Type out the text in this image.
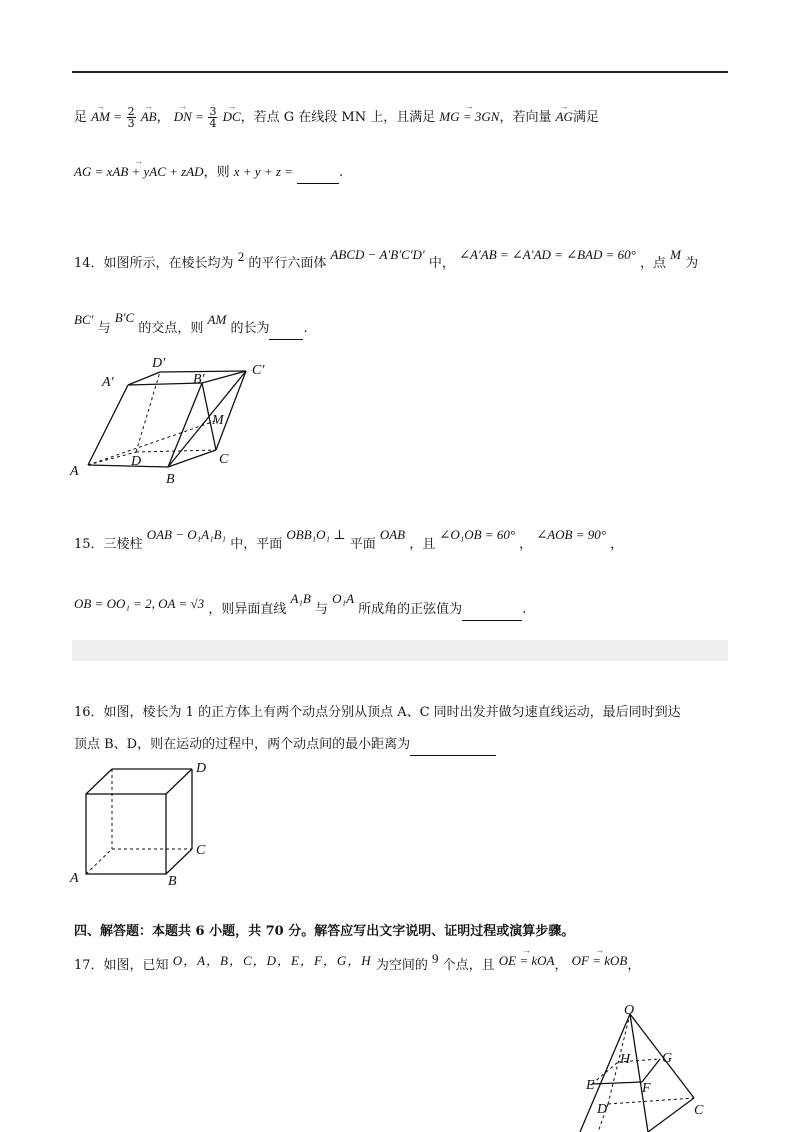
足 → AM = $\frac{2}{3}$ → AB， → DN = $\frac{3}{4}$ → DC，若点 G 在线段 MN 上，且满足 → MG = 3GN，若向量 → AG满足
→ AG = xAB + yAC + zAD，则 x + y + z =	.
14．如图所示，在棱长均为 2 的平行六面体 ABCD − A′B′C′D′ 中， ∠A′AB = ∠A′AD = ∠BAD = 60° ，点 M 为
BC′ 与 B′C 的交点，则 AM 的长为	.
A
B
C
D
A′	B′
C′
D′
M
15．三棱柱 OAB − O₁A₁B₁ 中，平面 OBB₁O₁ ⊥ 平面 OAB ，且 ∠O₁OB = 60° ， ∠AOB = 90° ，
OB = OO₁ = 2, OA = √3 ，则异面直线 A₁B 与 O₁A 所成角的正弦值为	.
16．如图，棱长为 1 的正方体上有两个动点分别从顶点 A、C 同时出发并做匀速直线运动，最后同时到达
顶点 B、D，则在运动的过程中，两个动点间的最小距离为
A	B
C
D
四、解答题：本题共 6 小题，共 70 分。解答应写出文字说明、证明过程或演算步骤。
17．如图，已知 O，A，B，C，D，E，F，G，H 为空间的 9 个点，且 → OE = kOA， → OF = kOB，
O
H G
E	F
D	C
